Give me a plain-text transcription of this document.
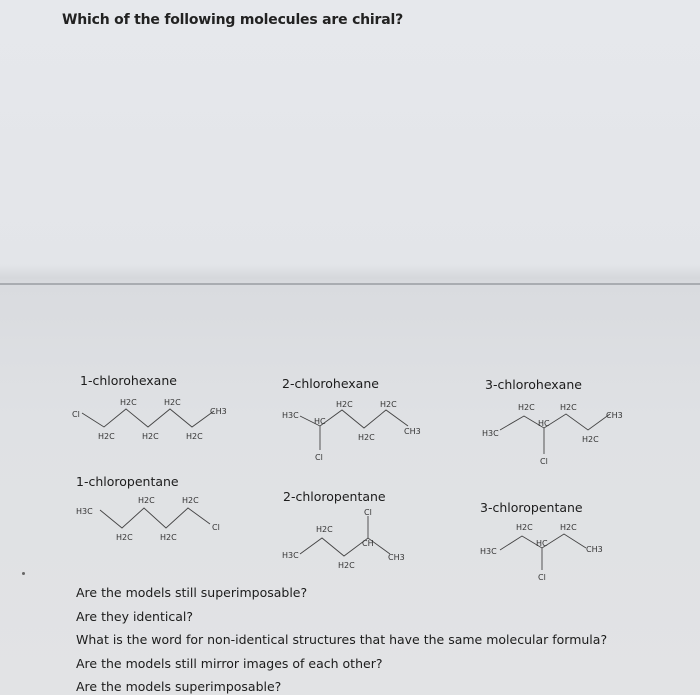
Which of the following molecules are chiral?
1-chlorohexane	2-chlorohexane	3-chlorohexane
1-chloropentane
2-chloropentane
3-chloropentane
Cl
H2C
H2C
H2C
H2C
H2C
CH3	H3C
HC
Cl
H2C
H2C
H2C
CH3	H3C
H2C
HC
Cl
H2C
H2C
CH3
H3C
H2C
H2C
H2C
H2C
Cl
H3C
H2C
H2C
CH
Cl
CH3
H3C
H2C
HC
Cl
H2C
CH3
Are the models still superimposable?
Are they identical?
What is the word for non-identical structures that have the same molecular formula?
Are the models still mirror images of each other?
Are the models superimposable?
